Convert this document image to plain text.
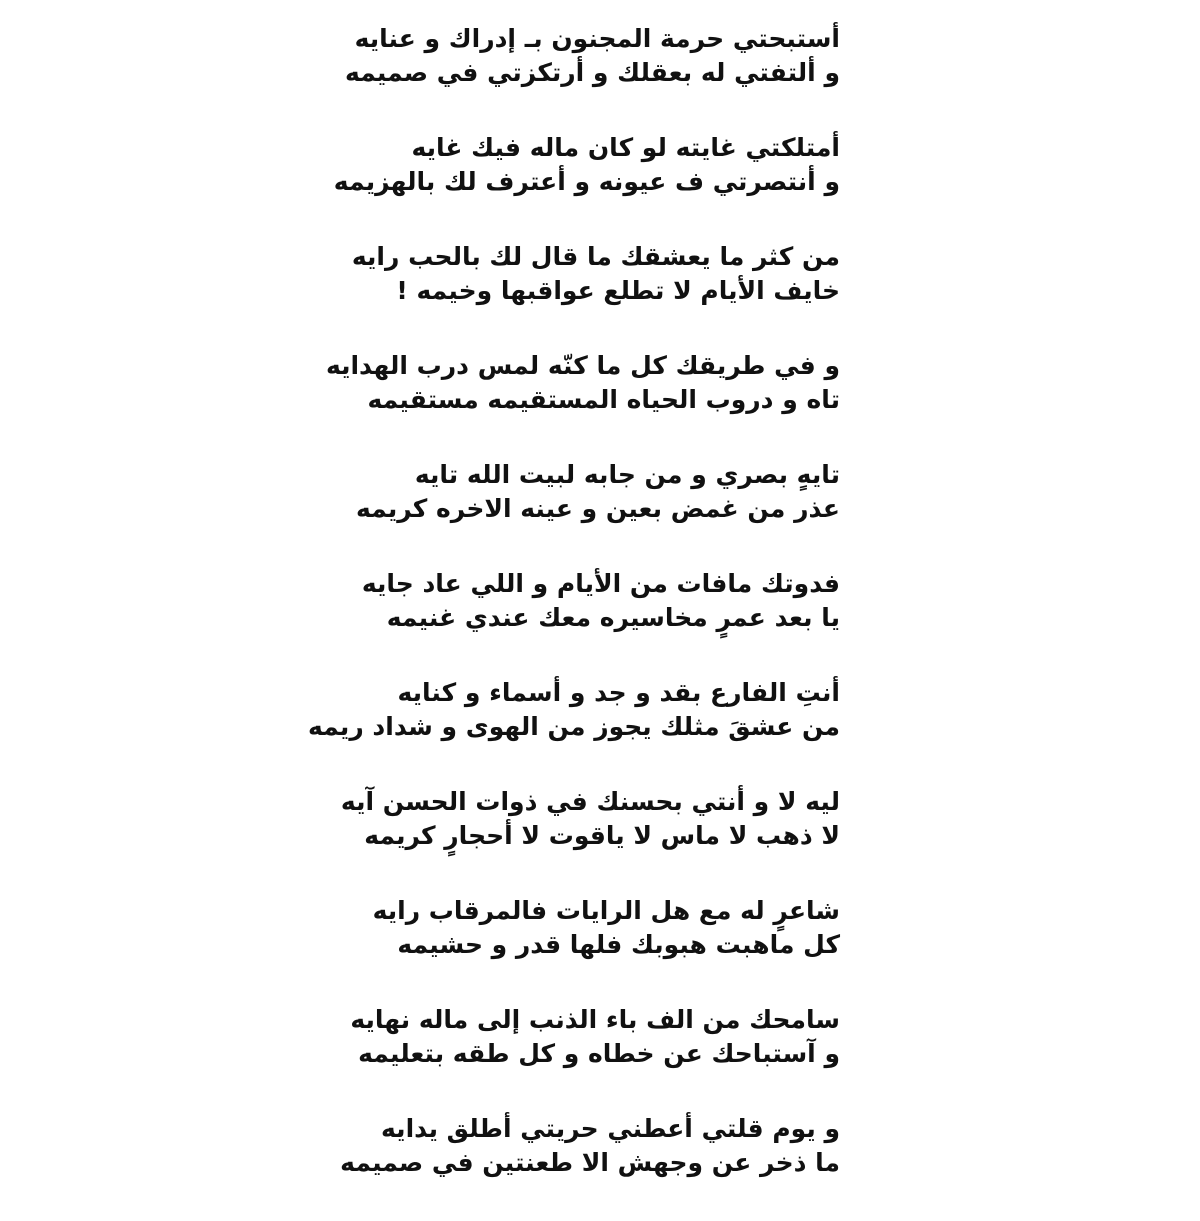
أستبحتي حرمة المجنون بـ إدراك و عنايه
و ألتفتي له بعقلك و أرتكزتي في صميمه
أمتلكتي غايته لو كان ماله فيك غايه
و أنتصرتي ف عيونه و أعترف لك بالهزيمه
من كثر ما يعشقك ما قال لك بالحب رايه
خايف الأيام لا تطلع عواقبها وخيمه !
و في طريقك كل ما كنّه لمس درب الهدايه
تاه و دروب الحياه المستقيمه مستقيمه
تايهٍ بصري و من جابه لبيت الله تايه
عذر من غمض بعين و عينه الاخره كريمه
فدوتك مافات من الأيام و اللي عاد جايه
يا بعد عمرٍ مخاسيره معك عندي غنيمه
أنتِ الفارع بقد و جد و أسماء و كنايه
من عشقَ مثلك يجوز من الهوى و شداد ريمه
ليه لا و أنتي بحسنك في ذوات الحسن آيه
لا ذهب لا ماس لا ياقوت لا أحجارٍ كريمه
شاعرٍ له مع هل الرايات فالمرقاب رايه
كل ماهبت هبوبك فلها قدر و حشيمه
سامحك من الف باء الذنب إلى ماله نهايه
و آستباحك عن خطاه و كل طقه بتعليمه
و يوم قلتي أعطني حريتي أطلق يدايه
ما ذخر عن وجهش الا طعنتين في صميمه
